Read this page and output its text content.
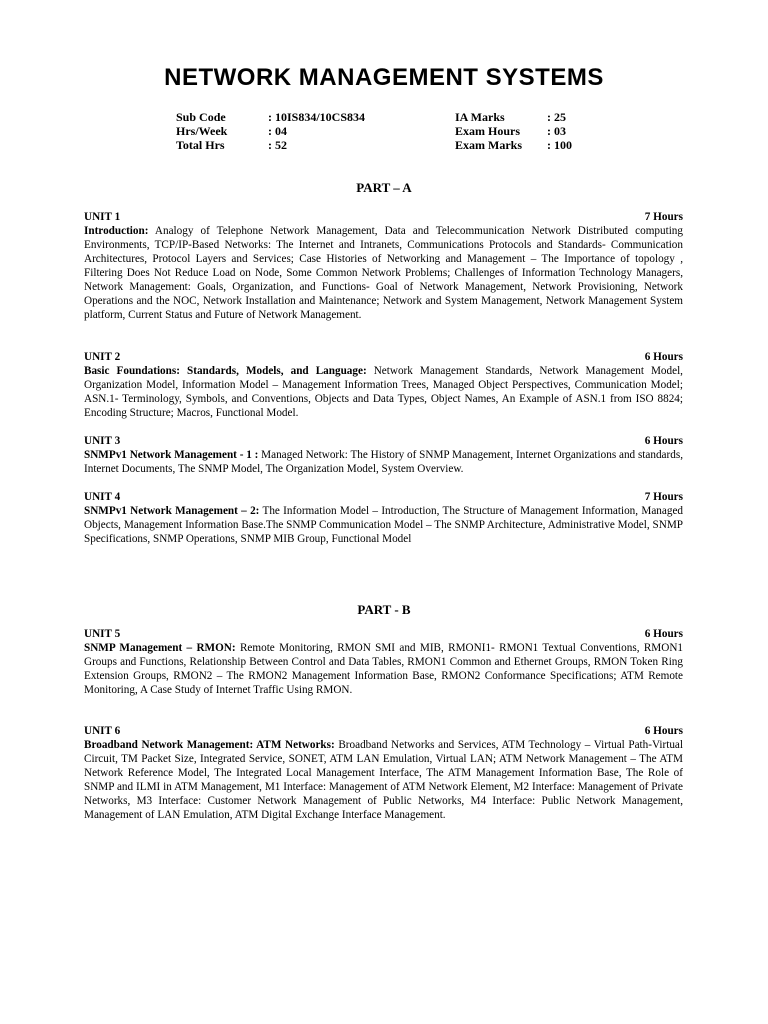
NETWORK MANAGEMENT SYSTEMS
Sub Code	: 10IS834/10CS834
Hrs/Week	: 04
Total Hrs	: 52
IA Marks	: 25
Exam Hours	: 03
Exam Marks	: 100
PART – A
UNIT 1	7 Hours

Introduction: Analogy of Telephone Network Management, Data and Telecommunication Network Distributed computing Environments, TCP/IP-Based Networks: The Internet and Intranets, Communications Protocols and Standards- Communication Architectures, Protocol Layers and Services; Case Histories of Networking and Management – The Importance of topology , Filtering Does Not Reduce Load on Node, Some Common Network Problems; Challenges of Information Technology Managers, Network Management: Goals, Organization, and Functions- Goal of Network Management, Network Provisioning, Network Operations and the NOC, Network Installation and Maintenance; Network and System Management, Network Management System platform, Current Status and Future of Network Management.

UNIT 2	6 Hours

Basic Foundations: Standards, Models, and Language: Network Management Standards, Network Management Model, Organization Model, Information Model – Management Information Trees, Managed Object Perspectives, Communication Model; ASN.1- Terminology, Symbols, and Conventions, Objects and Data Types, Object Names, An Example of ASN.1 from ISO 8824; Encoding Structure; Macros, Functional Model.

UNIT 3	6 Hours

SNMPv1 Network Management - 1 : Managed Network: The History of SNMP Management, Internet Organizations and standards, Internet Documents, The SNMP Model, The Organization Model, System Overview.

UNIT 4	7 Hours

SNMPv1 Network Management – 2: The Information Model – Introduction, The Structure of Management Information, Managed Objects, Management Information Base.The SNMP Communication Model – The SNMP Architecture, Administrative Model, SNMP Specifications, SNMP Operations, SNMP MIB Group, Functional Model

PART - B
UNIT 5	6 Hours

SNMP Management – RMON: Remote Monitoring, RMON SMI and MIB, RMONI1- RMON1 Textual Conventions, RMON1 Groups and Functions, Relationship Between Control and Data Tables, RMON1 Common and Ethernet Groups, RMON Token Ring Extension Groups, RMON2 – The RMON2 Management Information Base, RMON2 Conformance Specifications; ATM Remote Monitoring, A Case Study of Internet Traffic Using RMON.

UNIT 6	6 Hours

Broadband Network Management: ATM Networks: Broadband Networks and Services, ATM Technology – Virtual Path-Virtual Circuit, TM Packet Size, Integrated Service, SONET, ATM LAN Emulation, Virtual LAN; ATM Network Management – The ATM Network Reference Model, The Integrated Local Management Interface, The ATM Management Information Base, The Role of SNMP and ILMI in ATM Management, M1 Interface: Management of ATM Network Element, M2 Interface: Management of Private Networks, M3 Interface: Customer Network Management of Public Networks, M4 Interface: Public Network Management, Management of LAN Emulation, ATM Digital Exchange Interface Management.
